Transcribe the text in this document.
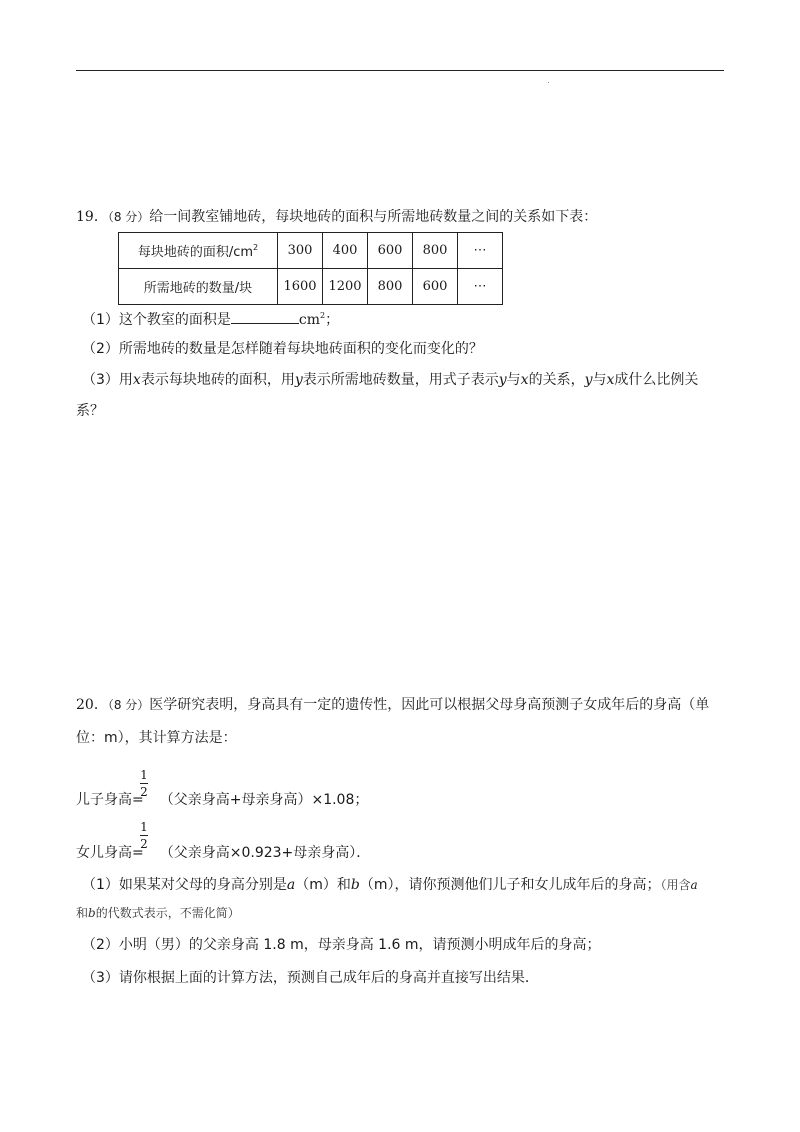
19．（8 分）给一间教室铺地砖，每块地砖的面积与所需地砖数量之间的关系如下表：
每块地砖的面积$/cm^2$	300	400	600	800	⋯
所需地砖的数量/块	1600	1200	800	600	⋯
（1）这个教室的面积是	$cm^2$；
（2）所需地砖的数量是怎样随着每块地砖面积的变化而变化的？
（3）用x表示每块地砖的面积，用y表示所需地砖数量，用式子表示y与x的关系，y与x成什么比例关
系？
20．（8 分）医学研究表明，身高具有一定的遗传性，因此可以根据父母身高预测子女成年后的身高（单
位：m），其计算方法是：
儿子身高= （父亲身高+母亲身高）×1.08；
1
2
女儿身高= （父亲身高×0.923+母亲身高）．
1
2
（1）如果某对父母的身高分别是a（m）和b（m），请你预测他们儿子和女儿成年后的身高；（用含a
和b的代数式表示，不需化简）
（2）小明（男）的父亲身高 1.8 m，母亲身高 1.6 m，请预测小明成年后的身高；
（3）请你根据上面的计算方法，预测自己成年后的身高并直接写出结果．
